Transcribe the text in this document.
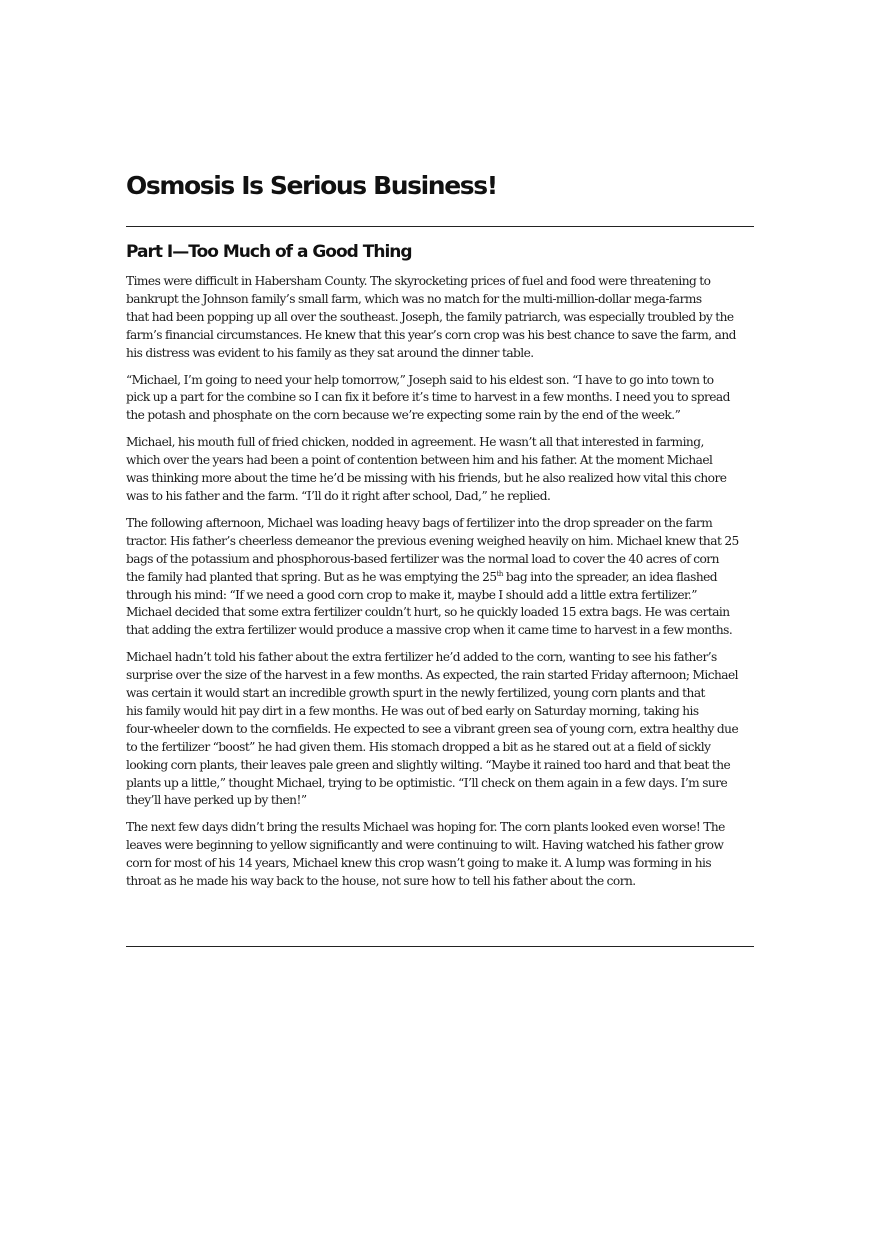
Osmosis Is Serious Business!
Part I—Too Much of a Good Thing

Times were difficult in Habersham County. The skyrocketing prices of fuel and food were threatening to
bankrupt the Johnson family’s small farm, which was no match for the multi-million-dollar mega-farms
that had been popping up all over the southeast. Joseph, the family patriarch, was especially troubled by the
farm’s financial circumstances. He knew that this year’s corn crop was his best chance to save the farm, and
his distress was evident to his family as they sat around the dinner table.

“Michael, I’m going to need your help tomorrow,” Joseph said to his eldest son. “I have to go into town to
pick up a part for the combine so I can fix it before it’s time to harvest in a few months. I need you to spread
the potash and phosphate on the corn because we’re expecting some rain by the end of the week.”

Michael, his mouth full of fried chicken, nodded in agreement. He wasn’t all that interested in farming,
which over the years had been a point of contention between him and his father. At the moment Michael
was thinking more about the time he’d be missing with his friends, but he also realized how vital this chore
was to his father and the farm. “I’ll do it right after school, Dad,” he replied.

The following afternoon, Michael was loading heavy bags of fertilizer into the drop spreader on the farm
tractor. His father’s cheerless demeanor the previous evening weighed heavily on him. Michael knew that 25
bags of the potassium and phosphorous-based fertilizer was the normal load to cover the 40 acres of corn
the family had planted that spring. But as he was emptying the 25th bag into the spreader, an idea flashed
through his mind: “If we need a good corn crop to make it, maybe I should add a little extra fertilizer.”
Michael decided that some extra fertilizer couldn’t hurt, so he quickly loaded 15 extra bags. He was certain
that adding the extra fertilizer would produce a massive crop when it came time to harvest in a few months.

Michael hadn’t told his father about the extra fertilizer he’d added to the corn, wanting to see his father’s
surprise over the size of the harvest in a few months. As expected, the rain started Friday afternoon; Michael
was certain it would start an incredible growth spurt in the newly fertilized, young corn plants and that
his family would hit pay dirt in a few months. He was out of bed early on Saturday morning, taking his
four-wheeler down to the cornfields. He expected to see a vibrant green sea of young corn, extra healthy due
to the fertilizer “boost” he had given them. His stomach dropped a bit as he stared out at a field of sickly
looking corn plants, their leaves pale green and slightly wilting. “Maybe it rained too hard and that beat the
plants up a little,” thought Michael, trying to be optimistic. “I’ll check on them again in a few days. I’m sure
they’ll have perked up by then!”

The next few days didn’t bring the results Michael was hoping for. The corn plants looked even worse! The
leaves were beginning to yellow significantly and were continuing to wilt. Having watched his father grow
corn for most of his 14 years, Michael knew this crop wasn’t going to make it. A lump was forming in his
throat as he made his way back to the house, not sure how to tell his father about the corn.
